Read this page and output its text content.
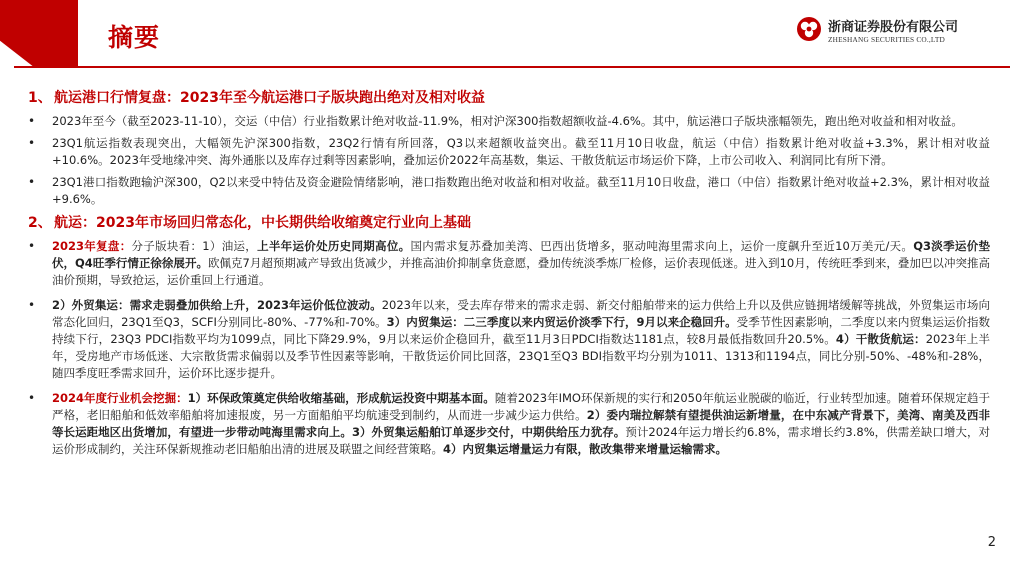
摘要	浙商证券股份有限公司
ZHESHANG SECURITIES CO.,LTD
1、 航运港口行情复盘：2023年至今航运港口子版块跑出绝对及相对收益
• 2023年至今（截至2023-11-10），交运（中信）行业指数累计绝对收益-11.9%，相对沪深300指数超额收益-4.6%。其中，航运港口子版块涨幅领先，跑出绝对收益和相对收益。
• 23Q1航运指数表现突出，大幅领先沪深300指数，23Q2行情有所回落，Q3以来超额收益突出。截至11月10日收盘，航运（中信）指数累计绝对收益+3.3%，累计相对收益+10.6%。2023年受地缘冲突、海外通胀以及库存过剩等因素影响，叠加运价2022年高基数，集运、干散货航运市场运价下降，上市公司收入、利润同比有所下滑。
• 23Q1港口指数跑输沪深300，Q2以来受中特估及资金避险情绪影响，港口指数跑出绝对收益和相对收益。截至11月10日收盘，港口（中信）指数累计绝对收益+2.3%，累计相对收益+9.6%。
2、 航运：2023年市场回归常态化，中长期供给收缩奠定行业向上基础
• 2023年复盘：分子版块看：1）油运，上半年运价处历史同期高位。国内需求复苏叠加美湾、巴西出货增多，驱动吨海里需求向上，运价一度飙升至近10万美元/天。Q3淡季运价垫伏，Q4旺季行情正徐徐展开。欧佩克7月超预期减产导致出货减少，并推高油价抑制拿货意愿，叠加传统淡季炼厂检修，运价表现低迷。进入到10月，传统旺季到来，叠加巴以冲突推高油价预期，导致抢运，运价重回上行通道。
• 2）外贸集运：需求走弱叠加供给上升，2023年运价低位波动。2023年以来，受去库存带来的需求走弱、新交付船舶带来的运力供给上升以及供应链拥堵缓解等挑战，外贸集运市场向常态化回归，23Q1至Q3，SCFI分别同比-80%、-77%和-70%。3）内贸集运：二三季度以来内贸运价淡季下行，9月以来企稳回升。受季节性因素影响，二季度以来内贸集运运价指数持续下行，23Q3 PDCI指数平均为1099点，同比下降29.9%，9月以来运价企稳回升，截至11月3日PDCI指数达1181点，较8月最低指数回升20.5%。4）干散货航运：2023年上半年，受房地产市场低迷、大宗散货需求偏弱以及季节性因素等影响，干散货运价同比回落，23Q1至Q3 BDI指数平均分别为1011、1313和1194点，同比分别-50%、-48%和-28%，随四季度旺季需求回升，运价环比逐步提升。
• 2024年度行业机会挖掘：1）环保政策奠定供给收缩基础，形成航运投资中期基本面。随着2023年IMO环保新规的实行和2050年航运业脱碳的临近，行业转型加速。随着环保规定趋于严格，老旧船舶和低效率船舶将加速报废，另一方面船舶平均航速受到制约，从而进一步减少运力供给。2）委内瑞拉解禁有望提供油运新增量，在中东减产背景下，美湾、南美及西非等长运距地区出货增加，有望进一步带动吨海里需求向上。3）外贸集运船舶订单逐步交付，中期供给压力犹存。预计2024年运力增长约6.8%，需求增长约3.8%，供需差缺口增大，对运价形成制约，关注环保新规推动老旧船舶出清的进展及联盟之间经营策略。4）内贸集运增量运力有限，散改集带来增量运输需求。
2
